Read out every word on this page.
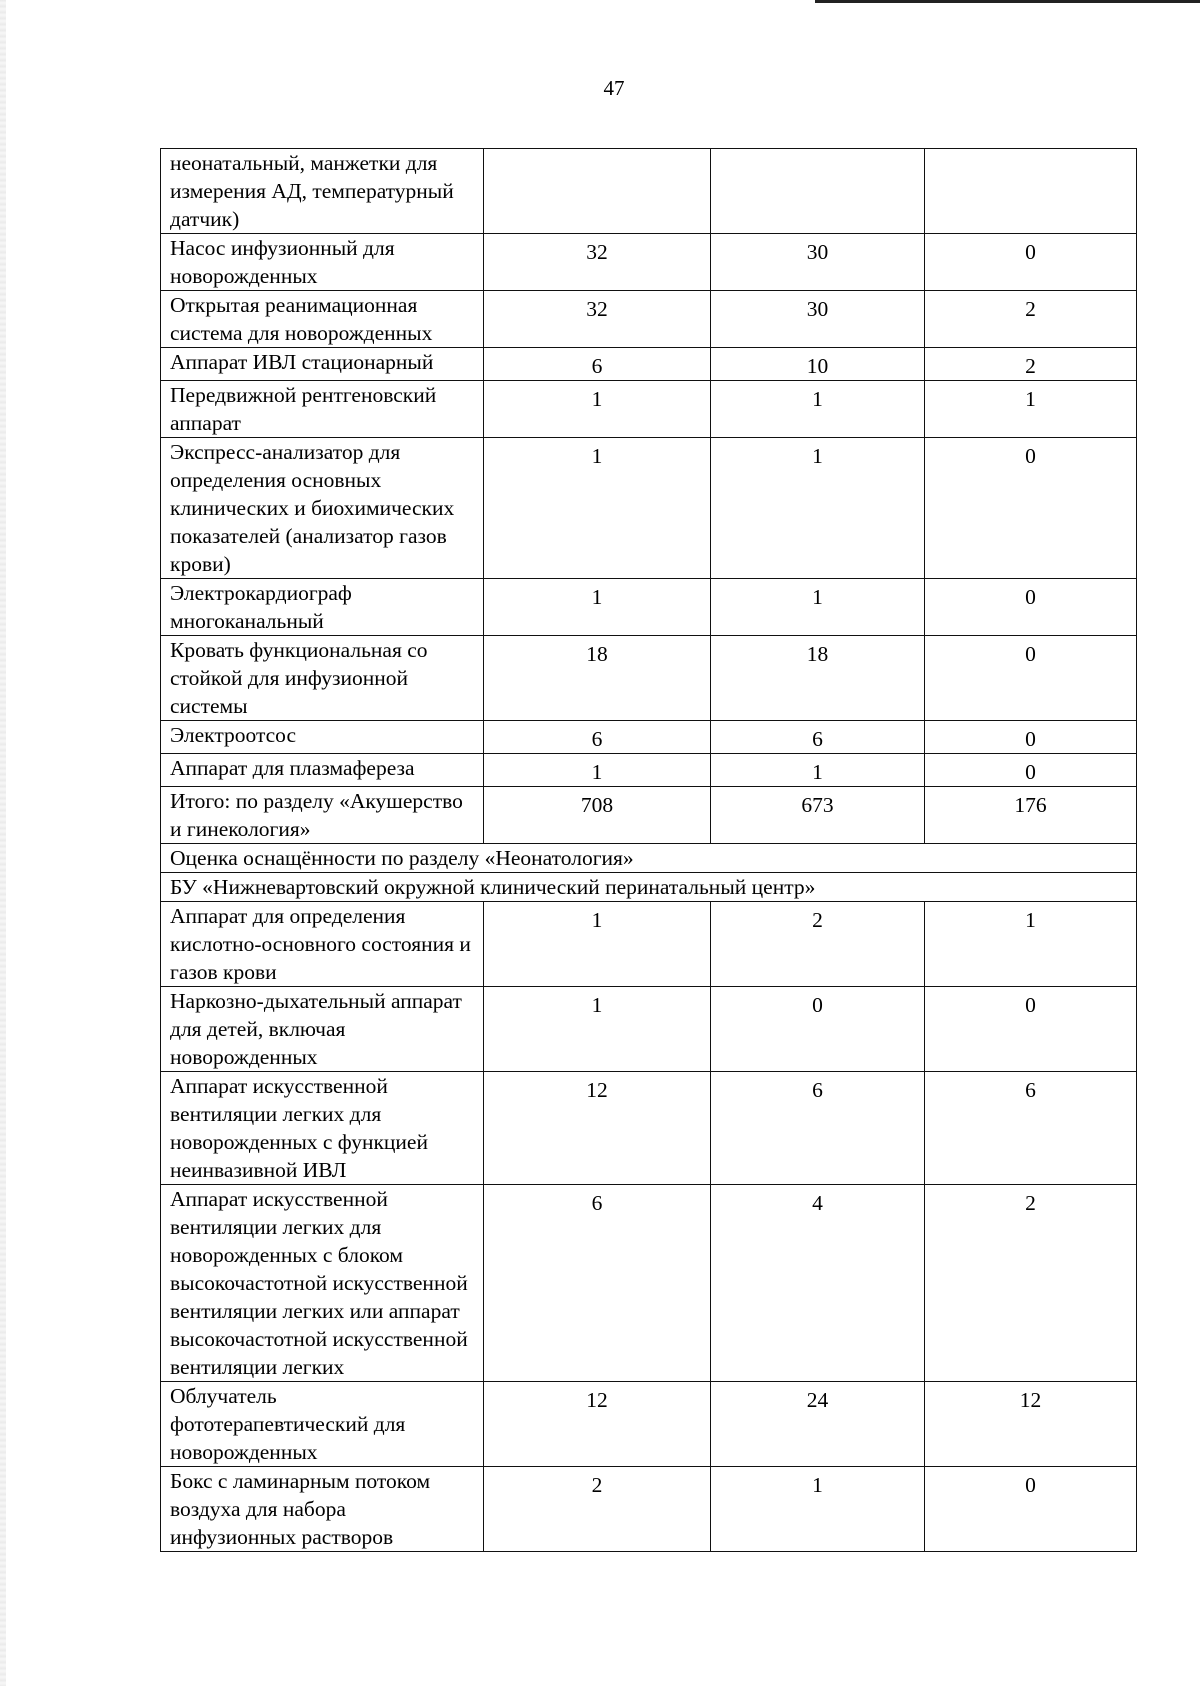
47
неонатальный, манжетки для измерения АД, температурный датчик)			
Насос инфузионный для новорожденных	32	30	0
Открытая реанимационная система для новорожденных	32	30	2
Аппарат ИВЛ стационарный	6	10	2
Передвижной рентгеновский аппарат	1	1	1
Экспресс-анализатор для определения основных клинических и биохимических показателей (анализатор газов крови)	1	1	0
Электрокардиограф многоканальный	1	1	0
Кровать функциональная со стойкой для инфузионной системы	18	18	0
Электроотсос	6	6	0
Аппарат для плазмафереза	1	1	0
Итого: по разделу «Акушерство и гинекология»	708	673	176
Оценка оснащённости по разделу «Неонатология»			
БУ «Нижневартовский окружной клинический перинатальный центр»			
Аппарат для определения кислотно-основного состояния и газов крови	1	2	1
Наркозно-дыхательный аппарат для детей, включая новорожденных	1	0	0
Аппарат искусственной вентиляции легких для новорожденных с функцией неинвазивной ИВЛ	12	6	6
Аппарат искусственной вентиляции легких для новорожденных с блоком высокочастотной искусственной вентиляции легких или аппарат высокочастотной искусственной вентиляции легких	6	4	2
Облучатель фототерапевтический для новорожденных	12	24	12
Бокс с ламинарным потоком воздуха для набора инфузионных растворов	2	1	0
